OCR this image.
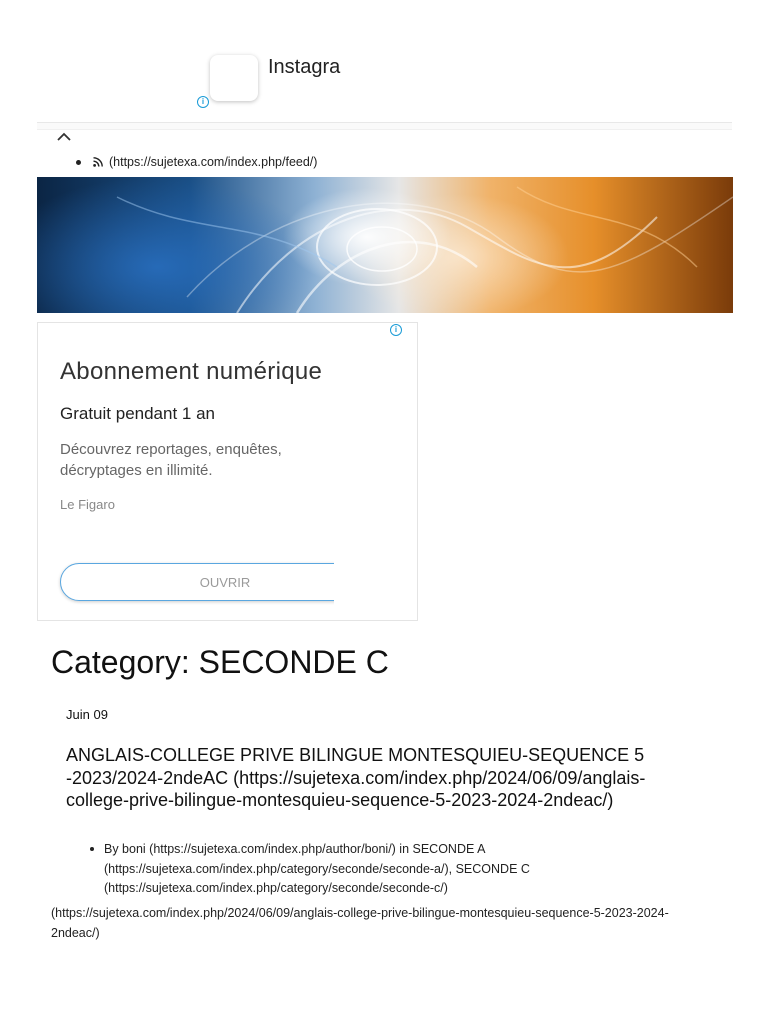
Instagra
i
(https://sujetexa.com/index.php/feed/)
i
Abonnement numérique
Gratuit pendant 1 an
Découvrez reportages, enquêtes, décryptages en illimité.
Le Figaro
OUVRIR
Category: SECONDE C
Juin 09
ANGLAIS-COLLEGE PRIVE BILINGUE MONTESQUIEU-SEQUENCE 5 -2023/2024-2ndeAC (https://sujetexa.com/index.php/2024/06/09/anglais-college-prive-bilingue-montesquieu-sequence-5-2023-2024-2ndeac/)
By boni (https://sujetexa.com/index.php/author/boni/) in SECONDE A (https://sujetexa.com/index.php/category/seconde/seconde-a/), SECONDE C (https://sujetexa.com/index.php/category/seconde/seconde-c/)
(https://sujetexa.com/index.php/2024/06/09/anglais-college-prive-bilingue-montesquieu-sequence-5-2023-2024-2ndeac/)
